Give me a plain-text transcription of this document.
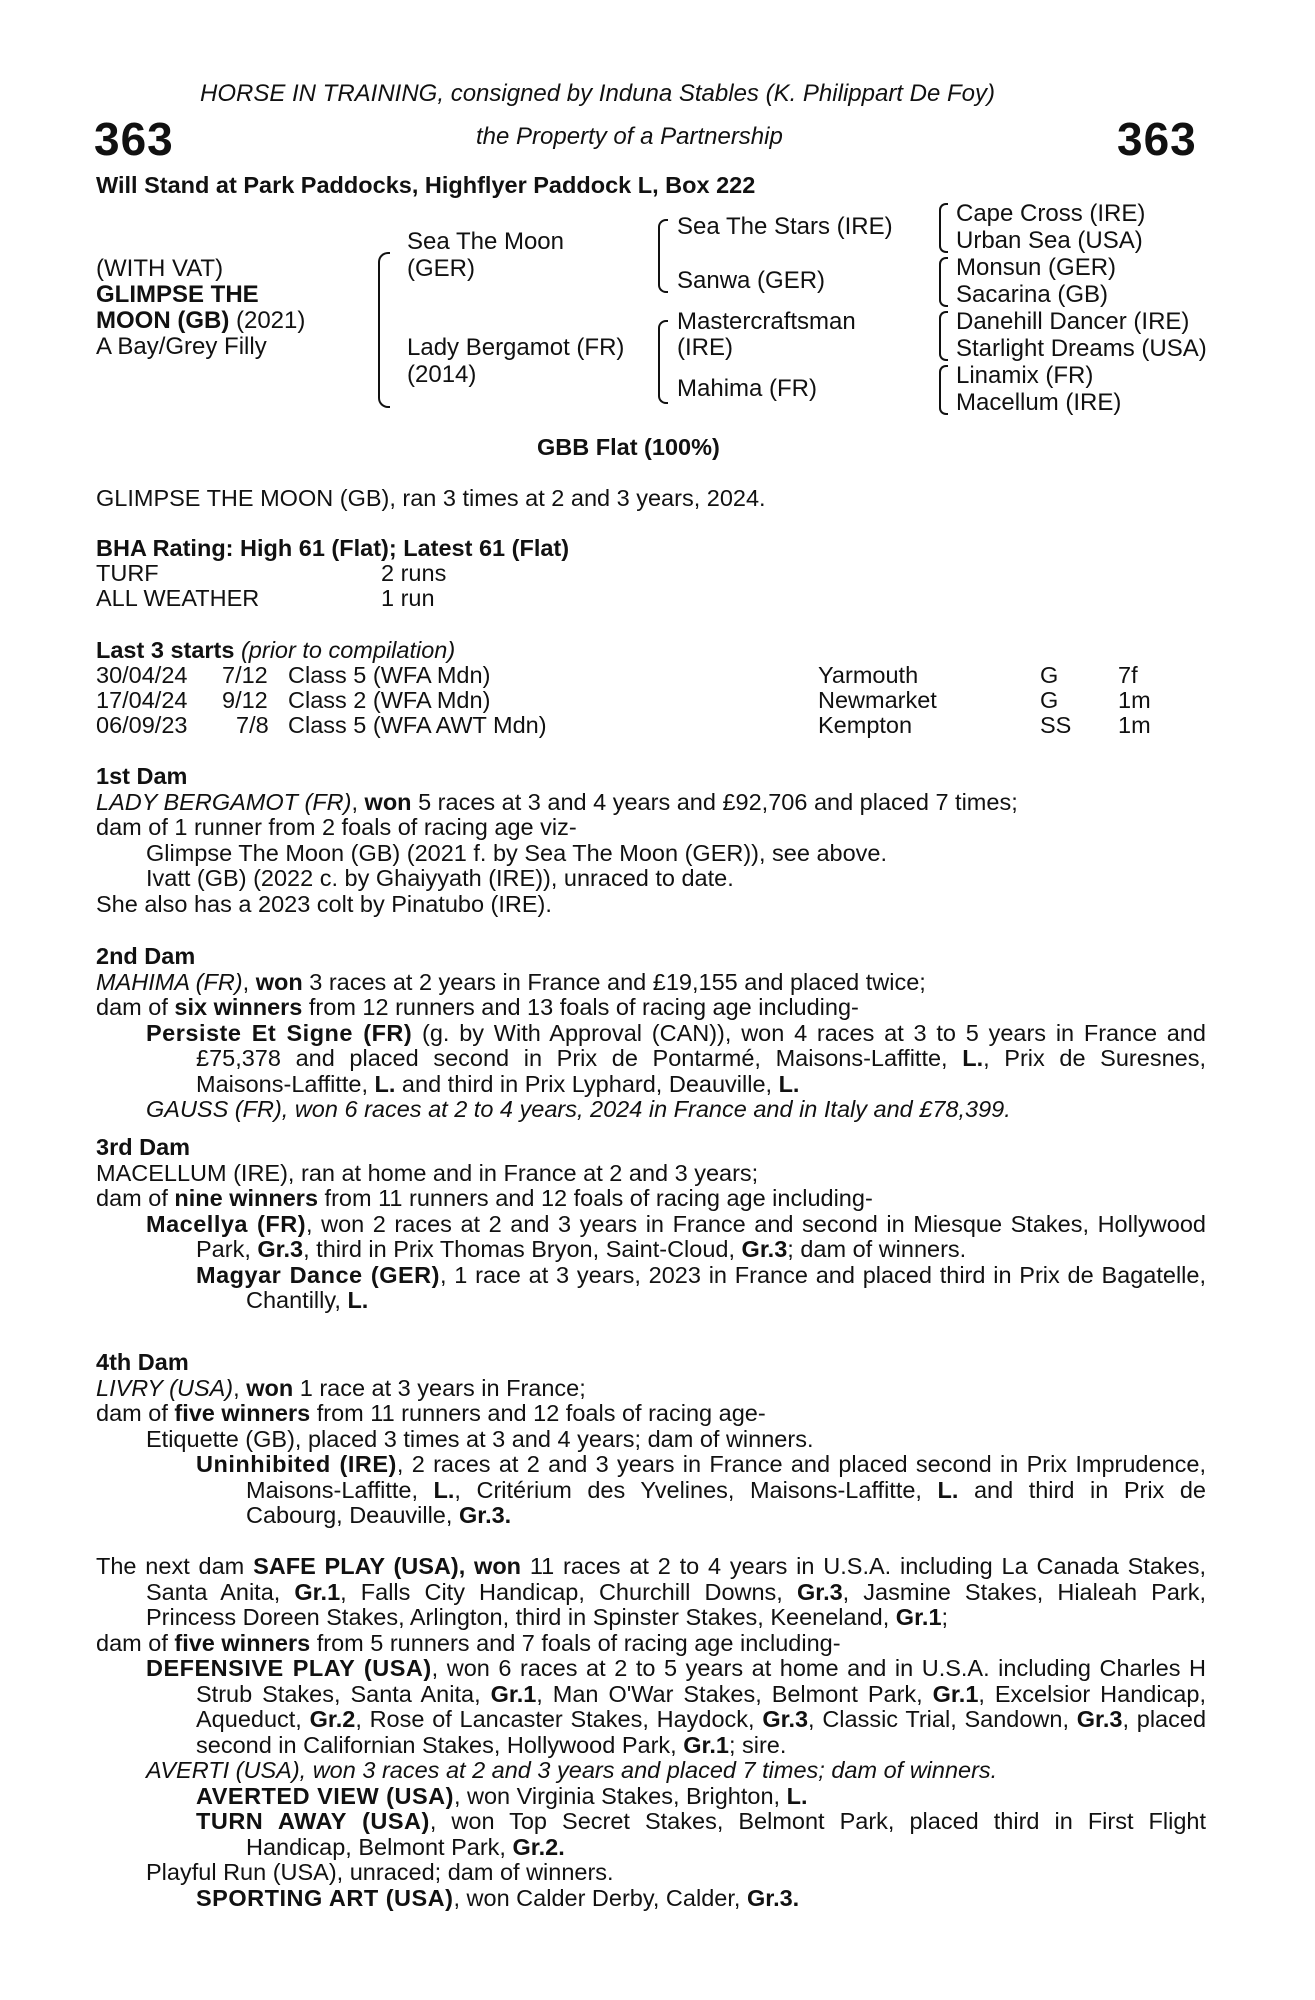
HORSE IN TRAINING, consigned by Induna Stables (K. Philippart De Foy)
363	the Property of a Partnership	363
Will Stand at Park Paddocks, Highflyer Paddock L, Box 222
(WITH VAT)
GLIMPSE THE
MOON (GB) (2021)
A Bay/Grey Filly
Sea The Moon
(GER)
Lady Bergamot (FR)
(2014)
Sea The Stars (IRE)
Sanwa (GER)
Mastercraftsman
(IRE)
Mahima (FR)
Cape Cross (IRE)
Urban Sea (USA)
Monsun (GER)
Sacarina (GB)
Danehill Dancer (IRE)
Starlight Dreams (USA)
Linamix (FR)
Macellum (IRE)
GBB Flat (100%)
GLIMPSE THE MOON (GB), ran 3 times at 2 and 3 years, 2024.
BHA Rating: High 61 (Flat); Latest 61 (Flat)
TURF	2 runs
ALL WEATHER	1 run
Last 3 starts (prior to compilation)
30/04/24 7/12 Class 5 (WFA Mdn)	Yarmouth	G	7f
17/04/24 9/12 Class 2 (WFA Mdn)	Newmarket	G	1m
06/09/23 7/8 Class 5 (WFA AWT Mdn)	Kempton	SS 1m

1st Dam

LADY BERGAMOT (FR), won 5 races at 3 and 4 years and £92,706 and placed 7 times;

dam of 1 runner from 2 foals of racing age viz-

Glimpse The Moon (GB) (2021 f. by Sea The Moon (GER)), see above.

Ivatt (GB) (2022 c. by Ghaiyyath (IRE)), unraced to date.

She also has a 2023 colt by Pinatubo (IRE).

2nd Dam

MAHIMA (FR), won 3 races at 2 years in France and £19,155 and placed twice;

dam of six winners from 12 runners and 13 foals of racing age including-

Persiste Et Signe (FR) (g. by With Approval (CAN)), won 4 races at 3 to 5 years in France and £75,378 and placed second in Prix de Pontarmé, Maisons-Laffitte, L., Prix de Suresnes, Maisons-Laffitte, L. and third in Prix Lyphard, Deauville, L.

GAUSS (FR), won 6 races at 2 to 4 years, 2024 in France and in Italy and £78,399.

3rd Dam

MACELLUM (IRE), ran at home and in France at 2 and 3 years;

dam of nine winners from 11 runners and 12 foals of racing age including-

Macellya (FR), won 2 races at 2 and 3 years in France and second in Miesque Stakes, Hollywood Park, Gr.3, third in Prix Thomas Bryon, Saint-Cloud, Gr.3; dam of winners.

Magyar Dance (GER), 1 race at 3 years, 2023 in France and placed third in Prix de Bagatelle, Chantilly, L.

4th Dam

LIVRY (USA), won 1 race at 3 years in France;

dam of five winners from 11 runners and 12 foals of racing age-

Etiquette (GB), placed 3 times at 3 and 4 years; dam of winners.

Uninhibited (IRE), 2 races at 2 and 3 years in France and placed second in Prix Imprudence, Maisons-Laffitte, L., Critérium des Yvelines, Maisons-Laffitte, L. and third in Prix de Cabourg, Deauville, Gr.3.

The next dam SAFE PLAY (USA), won 11 races at 2 to 4 years in U.S.A. including La Canada Stakes, Santa Anita, Gr.1, Falls City Handicap, Churchill Downs, Gr.3, Jasmine Stakes, Hialeah Park, Princess Doreen Stakes, Arlington, third in Spinster Stakes, Keeneland, Gr.1;

dam of five winners from 5 runners and 7 foals of racing age including-

DEFENSIVE PLAY (USA), won 6 races at 2 to 5 years at home and in U.S.A. including Charles H Strub Stakes, Santa Anita, Gr.1, Man O'War Stakes, Belmont Park, Gr.1, Excelsior Handicap, Aqueduct, Gr.2, Rose of Lancaster Stakes, Haydock, Gr.3, Classic Trial, Sandown, Gr.3, placed second in Californian Stakes, Hollywood Park, Gr.1; sire.

AVERTI (USA), won 3 races at 2 and 3 years and placed 7 times; dam of winners.

AVERTED VIEW (USA), won Virginia Stakes, Brighton, L.

TURN AWAY (USA), won Top Secret Stakes, Belmont Park, placed third in First Flight Handicap, Belmont Park, Gr.2.

Playful Run (USA), unraced; dam of winners.

SPORTING ART (USA), won Calder Derby, Calder, Gr.3.
